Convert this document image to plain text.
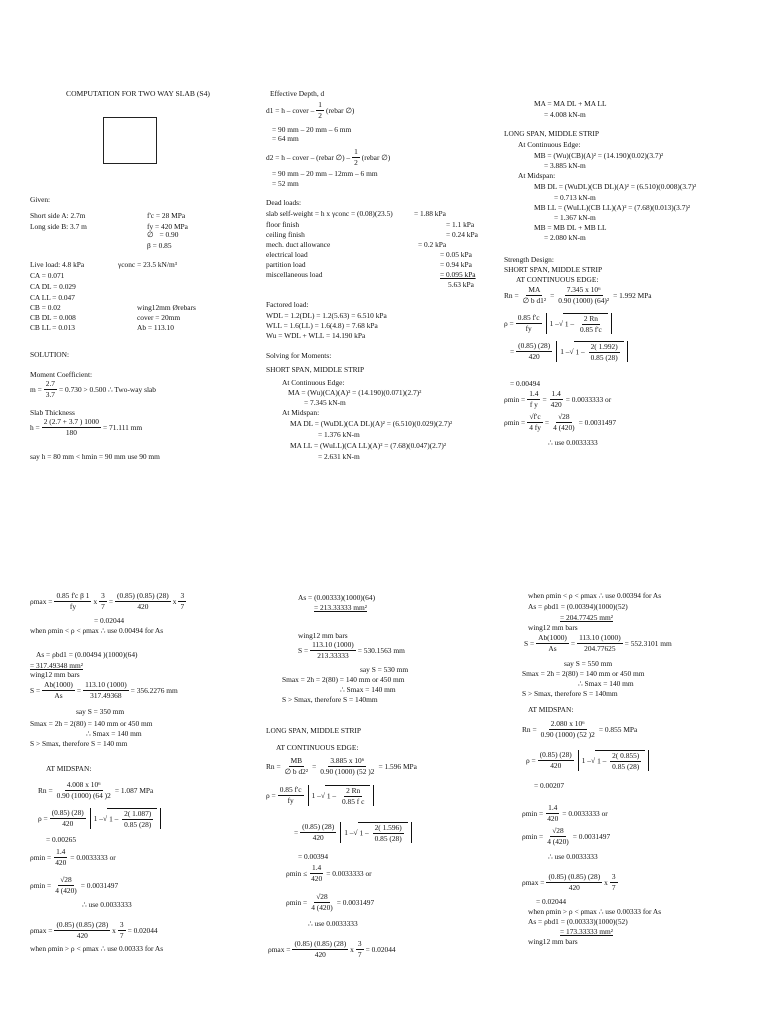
COMPUTATION FOR TWO WAY SLAB (S4)
Given:
Short side A: 2.7m	f'c = 28 MPa
Long side B: 3.7 m	fy = 420 MPa
∅ = 0.90
β = 0.85
Live load: 4.8 kPa	γconc = 23.5 kN/m³
CA = 0.071
CA DL = 0.029
CA LL = 0.047
CB = 0.02	wing12mm Ørebars
CB DL = 0.008	cover = 20mm
CB LL = 0.013	Ab = 113.10
SOLUTION:
Moment Coefficient:
$m = \frac{2.7}{3.7} = 0.730 > 0.500$ ∴ Two-way slab
Slab Thickness
$h = \frac{2 (2.7 + 3.7 ) 1000}{180} = 71.111$ mm
say h = 80 mm < hmin = 90 mm use 90 mm
Effective Depth, d
d1 = h – cover – $\frac{1}{2}$ (rebar ∅)
= 90 mm – 20 mm – 6 mm
= 64 mm
d2 = h – cover – (rebar ∅) – $\frac{1}{2}$ (rebar ∅)
= 90 mm – 20 mm – 12mm – 6 mm
= 52 mm
Dead loads:
slab self-weight = h x γconc = (0.08)(23.5)	= 1.88 kPa
floor finish	= 1.1 kPa
ceiling finish	= 0.24 kPa
mech. duct allowance	= 0.2 kPa
electrical load	= 0.05 kPa
partition load	= 0.94 kPa
miscellaneous load	= 0.095 kPa
5.63 kPa
Factored load:
WDL = 1.2(DL) = 1.2(5.63) = 6.510 kPa
WLL = 1.6(LL) = 1.6(4.8) = 7.68 kPa
Wu = WDL + WLL = 14.190 kPa
Solving for Moments:
SHORT SPAN, MIDDLE STRIP
At Continuous Edge:
MA = (Wu)(CA)(A)² = (14.190)(0.071)(2.7)²
= 7.345 kN-m
At Midspan:
MA DL = (WuDL)(CA DL)(A)² = (6.510)(0.029)(2.7)²
= 1.376 kN-m
MA LL = (WuLL)(CA LL)(A)² = (7.68)(0.047)(2.7)²
= 2.631 kN-m
MA = MA DL + MA LL
= 4.008 kN-m
LONG SPAN, MIDDLE STRIP
At Continuous Edge:
MB = (Wu)(CB)(A)² = (14.190)(0.02)(3.7)²
= 3.885 kN-m
At Midspan:
MB DL = (WuDL)(CB DL)(A)² = (6.510)(0.008)(3.7)²
= 0.713 kN-m
MB LL = (WuLL)(CB LL)(A)² = (7.68)(0.013)(3.7)²
= 1.367 kN-m
MB = MB DL + MB LL
= 2.080 kN-m
Strength Design:
SHORT SPAN, MIDDLE STRIP
AT CONTINUOUS EDGE:
$Rn = \frac{MA}{\text{∅ b d1²}} = \frac{\text{7.345 x 10⁶}}{\text{0.90 (1000) (64)²}} = 1.992$ MPa
$\rho = \frac{0.85 f'c}{fy}$	1 – √ $1 - \frac{2 Rn}{0.85 f'c}$
= $\frac{(0.85) (28)}{420}$	1 – √ $1 - \frac{2( 1.992)}{0.85 (28)}$
= 0.00494
$\rho\min = \frac{1.4}{\text{f y}} = \frac{1.4}{420} = 0.0033333$ or
$\rho\min = \frac{√f'c}{4 fy} = \frac{√28}{4 (420)} = 0.0031497$
∴ use 0.0033333
$\rho\max = \frac{\text{0.85 f'c β 1}}{fy}$ x $\frac{3}{7} = \frac{(0.85) (0.85) (28)}{420}$ x $\frac{3}{7}$
= 0.02044
when ρmin < ρ < ρmax ∴ use 0.00494 for As
As = ρbd1 = (0.00494 )(1000)(64)
= 317.49348 mm²
wing12 mm bars
$S = \frac{Ab(1000)}{As} = \frac{113.10 (1000)}{317.49368} = 356.2276$ mm
say S = 350 mm
Smax = 2h = 2(80) = 140 mm or 450 mm
∴ Smax = 140 mm
S > Smax, therefore S = 140 mm
AT MIDSPAN:
$Rn = \frac{\text{4.008 x 10⁶}}{0.90 (1000) (64 )2} = 1.087$ MPa
$\rho = \frac{(0.85) (28)}{420}$	1 – √ $1 - \frac{2( 1.087)}{0.85 (28)}$
= 0.00265
$\rho\min = \frac{1.4}{420} = 0.0033333$ or
$\rho\min = \frac{√28}{4 (420)} = 0.0031497$
∴ use 0.0033333
$\rho\max = \frac{(0.85) (0.85) (28)}{420}$ x $\frac{3}{7} = 0.02044$
when ρmin > ρ < ρmax ∴ use 0.00333 for As
As = (0.00333)(1000)(64)
= 213.33333 mm²
wing12 mm bars
$S = \frac{113.10 (1000)}{213.33333} = 530.1563$ mm
say S = 530 mm
Smax = 2h = 2(80) = 140 mm or 450 mm
∴ Smax = 140 mm
S > Smax, therefore S = 140mm
LONG SPAN, MIDDLE STRIP
AT CONTINUOUS EDGE:
$Rn = \frac{MB}{\text{∅ b d2²}} = \frac{\text{3.885 x 10⁶}}{0.90 (1000) (52 )2} = 1.596$ MPa
$\rho = \frac{0.85 f'c}{fy}$	1 – √ $1 - \frac{2 Rn}{\text{0.85 f c}}$
= $\frac{(0.85) (28)}{420}$	1 – √ $1 - \frac{2( 1.596)}{0.85 (28)}$
= 0.00394
$\rho\min \le \frac{1.4}{420} = 0.0033333$ or
$\rho\min = \frac{√28}{4 (420)} = 0.0031497$
∴ use 0.0033333
$\rho\max = \frac{(0.85) (0.85) (28)}{420}$ x $\frac{3}{7} = 0.02044$
when ρmin < ρ < ρmax ∴ use 0.00394 for As
As = ρbd1 = (0.00394)(1000)(52)
= 204.77425 mm²
wing12 mm bars
$S = \frac{Ab(1000)}{As} = \frac{113.10 (1000)}{204.77625} = 552.3101$ mm
say S = 550 mm
Smax = 2h = 2(80) = 140 mm or 450 mm
∴ Smax = 140 mm
S > Smax, therefore S = 140mm
AT MIDSPAN:
$Rn = \frac{\text{2.080 x 10⁶}}{0.90 (1000) (52 )2} = 0.855$ MPa
$\rho = \frac{(0.85) (28)}{420}$	1 – √ $1 - \frac{2( 0.855)}{0.85 (28)}$
= 0.00207
$\rho\min = \frac{1.4}{420} = 0.0033333$ or
$\rho\min = \frac{√28}{4 (420)} = 0.0031497$
∴ use 0.0033333
$\rho\max = \frac{(0.85) (0.85) (28)}{420}$ x $\frac{3}{7}$
= 0.02044
when ρmin > ρ < ρmax ∴ use 0.00333 for As
As = ρbd1 = (0.00333)(1000)(52)
= 173.33333 mm²
wing12 mm bars
